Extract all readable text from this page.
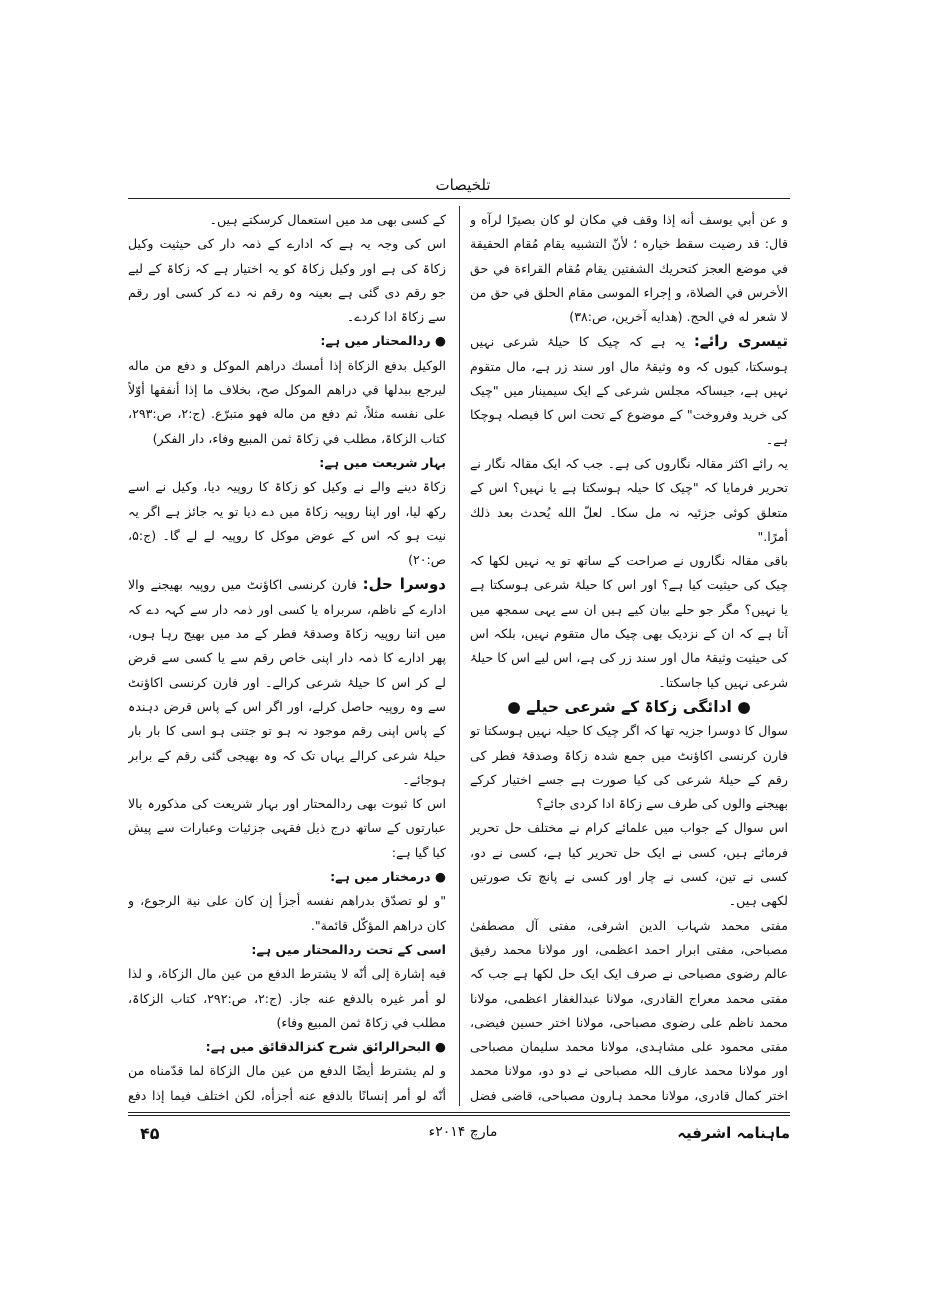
تلخیصات

و عن أبي يوسف أنه إذا وقف في مكان لو كان بصيرًا لرآه و قال: قد رضيت سقط خياره ؛ لأنّ التشبيه يقام مُقام الحقيقة في موضع العجز كتحريك الشفتين يقام مُقام القراءة في حق الأخرس في الصلاة، و إجراء الموسى مقام الحلق في حق من لا شعر له في الحج. (هدایه آخرین، ص:۳۸)

تیسری رائے: یہ ہے کہ چیک کا حیلۂ شرعی نہیں ہوسکتا، کیوں کہ وہ وثیقۂ مال اور سند زر ہے، مال متقوم نہیں ہے، جیساکہ مجلس شرعی کے ایک سیمینار میں "چیک کی خرید وفروخت" کے موضوع کے تحت اس کا فیصلہ ہوچکا ہے۔

یہ رائے اکثر مقالہ نگاروں کی ہے۔ جب کہ ایک مقالہ نگار نے تحریر فرمایا کہ "چیک کا حیلہ ہوسکتا ہے یا نہیں؟ اس کے متعلق کوئی جزئیہ نہ مل سکا۔ لعلّ الله یُحدث بعد ذلك أمرًا."

باقی مقالہ نگاروں نے صراحت کے ساتھ تو یہ نہیں لکھا کہ چیک کی حیثیت کیا ہے؟ اور اس کا حیلۂ شرعی ہوسکتا ہے یا نہیں؟ مگر جو حلے بیان کیے ہیں ان سے یہی سمجھ میں آتا ہے کہ ان کے نزدیک بھی چیک مال متقوم نہیں، بلکہ اس کی حیثیت وثیقۂ مال اور سند زر کی ہے، اس لیے اس کا حیلۂ شرعی نہیں کیا جاسکتا۔

● ادائگی زکاۃ کے شرعی حیلے ●

سوال کا دوسرا جزیہ تھا کہ اگر چیک کا حیلہ نہیں ہوسکتا تو فارن کرنسی اکاؤنٹ میں جمع شدہ زکاۃ وصدقۂ فطر کی رقم کے حیلۂ شرعی کی کیا صورت ہے جسے اختیار کرکے بھیجنے والوں کی طرف سے زکاۃ ادا کردی جائے؟

اس سوال کے جواب میں علمائے کرام نے مختلف حل تحریر فرمائے ہیں، کسی نے ایک حل تحریر کیا ہے، کسی نے دو، کسی نے تین، کسی نے چار اور کسی نے پانچ تک صورتیں لکھی ہیں۔

مفتی محمد شہاب الدین اشرفی، مفتی آل مصطفیٰ مصباحی، مفتی ابرار احمد اعظمی، اور مولانا محمد رفیق عالم رضوی مصباحی نے صرف ایک ایک حل لکھا ہے جب کہ مفتی محمد معراج القادری، مولانا عبدالغفار اعظمی، مولانا محمد ناظم علی رضوی مصباحی، مولانا اختر حسین فیضی، مفتی محمود علی مشاہدی، مولانا محمد سلیمان مصباحی اور مولانا محمد عارف اللہ مصباحی نے دو دو، مولانا محمد اختر کمال قادری، مولانا محمد ہارون مصباحی، قاضی فضل

کے کسی بھی مد میں استعمال کرسکتے ہیں۔

اس کی وجہ یہ ہے کہ ادارے کے ذمہ دار کی حیثیت وکیل زکاۃ کی ہے اور وکیل زکاۃ کو یہ اختیار ہے کہ زکاۃ کے لیے جو رقم دی گئی ہے بعینہ وہ رقم نہ دے کر کسی اور رقم سے زکاۃ ادا کردے۔

● ردالمحتار میں ہے:

الوكيل بدفع الزكاة إذا أمسك دراهم الموكل و دفع من ماله ليرجع ببدلها في دراهم الموكل صح، بخلاف ما إذا أنفقها أوّلاً على نفسه مثلاً، ثم دفع من ماله فهو متبرّع. (ج:۲، ص:۲۹۳، کتاب الزکاۃ، مطلب في زکاۃ ثمن المبیع وفاء، دار الفکر)

بہار شریعت میں ہے:

زکاۃ دینے والے نے وکیل کو زکاۃ کا روپیہ دیا، وکیل نے اسے رکھ لیا، اور اپنا روپیہ زکاۃ میں دے دیا تو یہ جائز ہے اگر یہ نیت ہو کہ اس کے عوض موکل کا روپیہ لے لے گا۔ (ج:۵، ص:۲۰)

دوسرا حل: فارن کرنسی اکاؤنٹ میں روپیہ بھیجنے والا ادارے کے ناظم، سربراہ یا کسی اور ذمہ دار سے کہہ دے کہ میں اتنا روپیہ زکاۃ وصدقۂ فطر کے مد میں بھیج رہا ہوں، پھر ادارے کا ذمہ دار اپنی خاص رقم سے یا کسی سے قرض لے کر اس کا حیلۂ شرعی کرالے۔ اور فارن کرنسی اکاؤنٹ سے وہ روپیہ حاصل کرلے، اور اگر اس کے پاس قرض دہندہ کے پاس اپنی رقم موجود نہ ہو تو جتنی ہو اسی کا بار بار حیلۂ شرعی کرالے یہاں تک کہ وہ بھیجی گئی رقم کے برابر ہوجائے۔

اس کا ثبوت بھی ردالمحتار اور بہار شریعت کی مذکورہ بالا عبارتوں کے ساتھ درج ذیل فقہی جزئیات وعبارات سے پیش کیا گیا ہے:

● درمختار میں ہے:

"و لو تصدّق بدراهم نفسه أجزأ إن كان على نية الرجوع، و كان دراهم المؤكّل قائمة".

اسی کے تحت ردالمحتار میں ہے:

فيه إشارة إلى أنّه لا يشترط الدفع من عين مال الزكاة، و لذا لو أمر غيره بالدفع عنه جاز. (ج:۲، ص:۲۹۲، کتاب الزکاۃ، مطلب في زکاۃ ثمن المبیع وفاء)

● البحرالرائق شرح کنزالدقائق میں ہے:

و لم يشترط أيضًا الدفع من عين مال الزكاة لما قدّمناه من أنّه لو أمر إنسانًا بالدفع عنه أجزأه، لكن اختلف فيما إذا دفع

ماہنامہ اشرفیہ
مارچ ۲۰۱۴ء
۴۵
